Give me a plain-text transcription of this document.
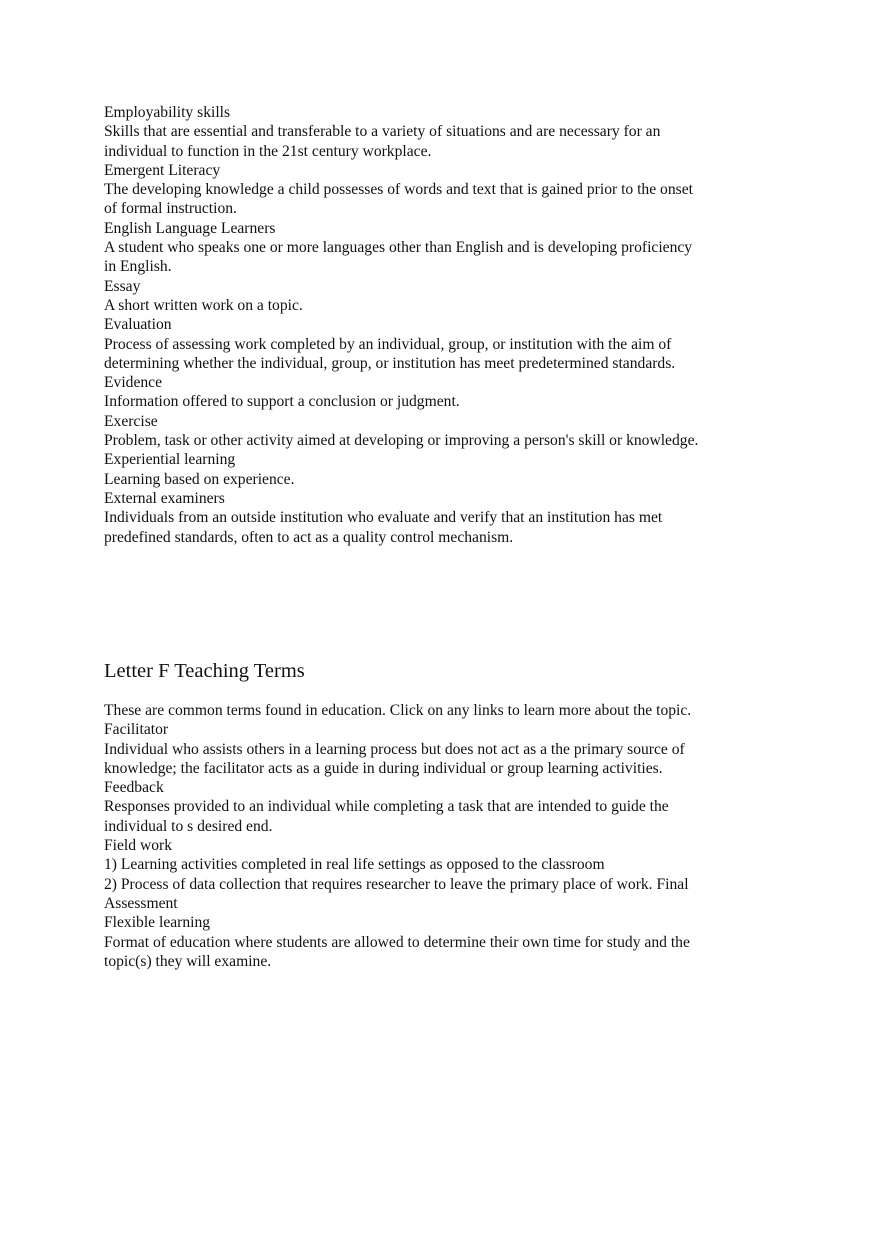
Employability skills

Skills that are essential and transferable to a variety of situations and are necessary for an individual to function in the 21st century workplace.

Emergent Literacy

The developing knowledge a child possesses of words and text that is gained prior to the onset of formal instruction.

English Language Learners

A student who speaks one or more languages other than English and is developing proficiency in English.

Essay

A short written work on a topic.

Evaluation

Process of assessing work completed by an individual, group, or institution with the aim of determining whether the individual, group, or institution has meet predetermined standards.

Evidence

Information offered to support a conclusion or judgment.

Exercise

Problem, task or other activity aimed at developing or improving a person's skill or knowledge.

Experiential learning

Learning based on experience.

External examiners

Individuals from an outside institution who evaluate and verify that an institution has met predefined standards, often to act as a quality control mechanism.

Letter F Teaching Terms

These are common terms found in education. Click on any links to learn more about the topic.

Facilitator

Individual who assists others in a learning process but does not act as a the primary source of knowledge; the facilitator acts as a guide in during individual or group learning activities.

Feedback

Responses provided to an individual while completing a task that are intended to guide the individual to s desired end.

Field work

1) Learning activities completed in real life settings as opposed to the classroom

2) Process of data collection that requires researcher to leave the primary place of work. Final Assessment

Flexible learning

Format of education where students are allowed to determine their own time for study and the topic(s) they will examine.
